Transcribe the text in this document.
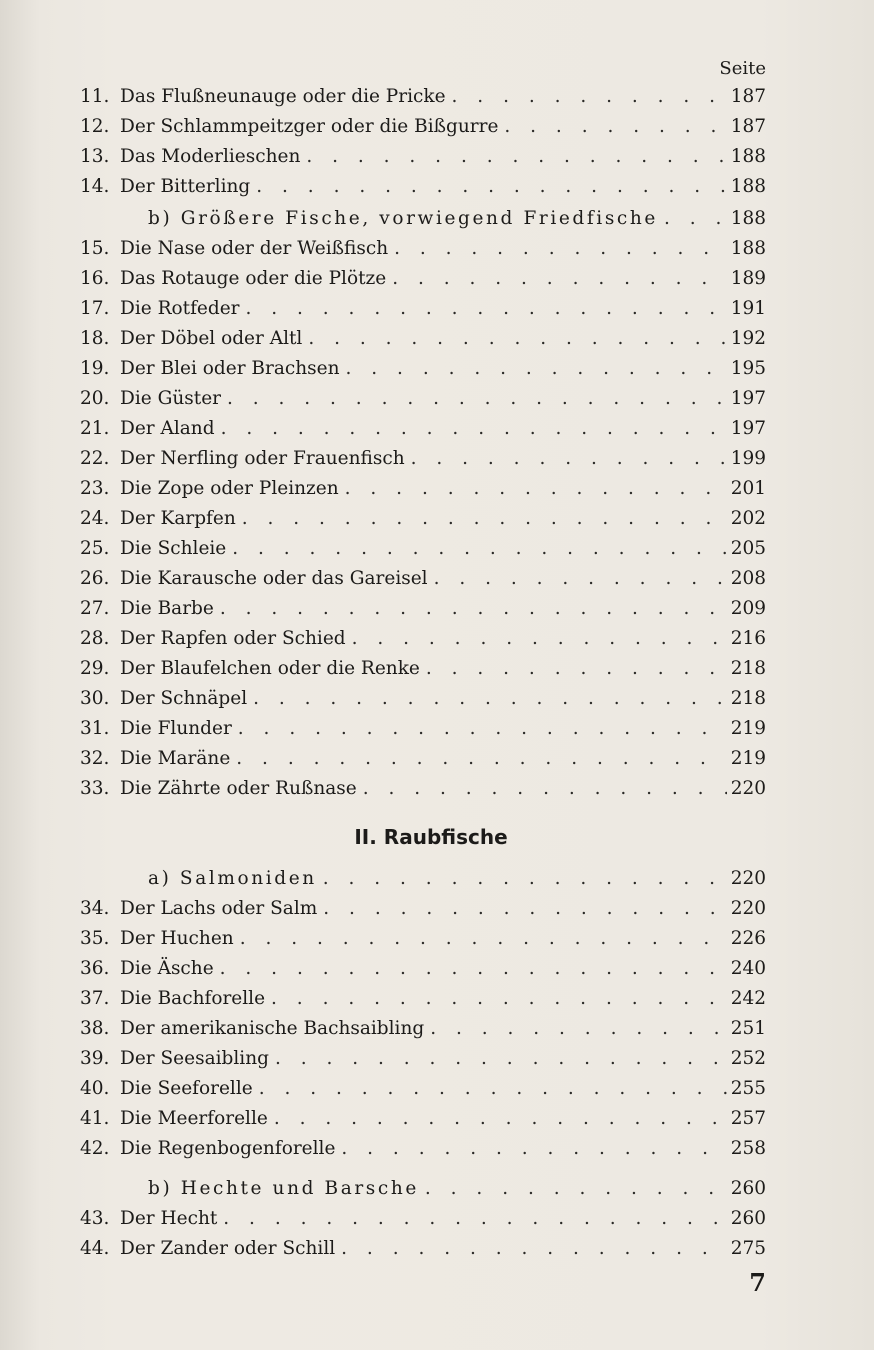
Seite
11. Das Flußneunauge oder die Pricke . . .	187
12. Der Schlammpeitzger oder die Bißgurre . . .	187
13. Das Moderlieschen . . .	188
14. Der Bitterling . . .	188
b) Größere Fische, vorwiegend Friedfische . . .	188
15. Die Nase oder der Weißfisch . . .	188
16. Das Rotauge oder die Plötze . . .	189
17. Die Rotfeder . . .	191
18. Der Döbel oder Altl . . .	192
19. Der Blei oder Brachsen . . .	195
20. Die Güster . . .	197
21. Der Aland . . .	197
22. Der Nerfling oder Frauenfisch . . .	199
23. Die Zope oder Pleinzen . . .	201
24. Der Karpfen . . .	202
25. Die Schleie . . .	205
26. Die Karausche oder das Gareisel . . .	208
27. Die Barbe . . .	209
28. Der Rapfen oder Schied . . .	216
29. Der Blaufelchen oder die Renke . . .	218
30. Der Schnäpel . . .	218
31. Die Flunder . . .	219
32. Die Maräne . . .	219
33. Die Zährte oder Rußnase . . .	220
II. Raubfische
a) Salmoniden . . .	220
34. Der Lachs oder Salm . . .	220
35. Der Huchen . . .	226
36. Die Äsche . . .	240
37. Die Bachforelle . . .	242
38. Der amerikanische Bachsaibling . . .	251
39. Der Seesaibling . . .	252
40. Die Seeforelle . . .	255
41. Die Meerforelle . . .	257
42. Die Regenbogenforelle . . .	258
b) Hechte und Barsche . . .	260
43. Der Hecht . . .	260
44. Der Zander oder Schill . . .	275
7
